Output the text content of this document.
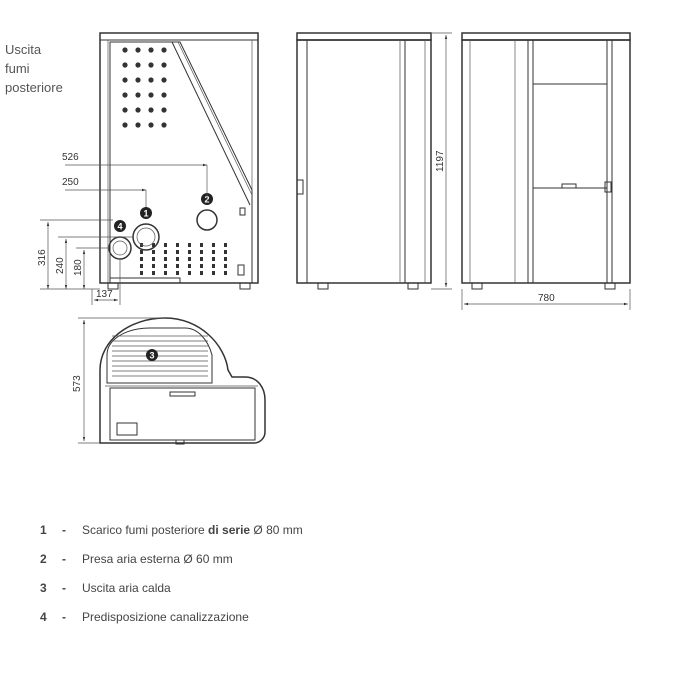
Uscita
fumi
posteriore
1
2
4
526
250
316 240 180
137
1197
780
3
573
1 - Scarico fumi posteriore di serie Ø 80 mm
2 - Presa aria esterna Ø 60 mm
3 - Uscita aria calda
4 - Predisposizione canalizzazione
